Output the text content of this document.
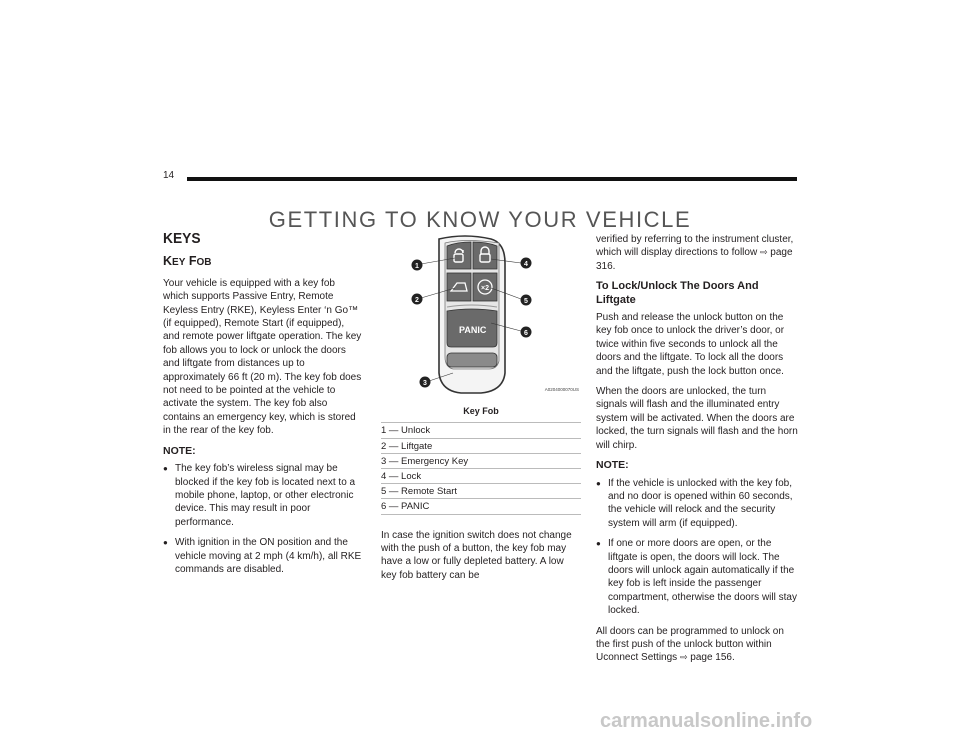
14
GETTING TO KNOW YOUR VEHICLE
KEYS
KEY FOB

Your vehicle is equipped with a key fob which supports Passive Entry, Remote Keyless Entry (RKE), Keyless Enter ‘n Go™ (if equipped), Remote Start (if equipped), and remote power liftgate operation. The key fob allows you to lock or unlock the doors and liftgate from distances up to approximately 66 ft (20 m). The key fob does not need to be pointed at the vehicle to activate the system. The key fob also contains an emergency key, which is stored in the rear of the key fob.

NOTE:
● The key fob’s wireless signal may be blocked if the key fob is located next to a mobile phone, laptop, or other electronic device. This may result in poor performance.
● With ignition in the ON position and the vehicle moving at 2 mph (4 km/h), all RKE commands are disabled.
×2
PANIC
1
2
3
4
5
6
A0204000070US
Key Fob
1 — Unlock
2 — Liftgate
3 — Emergency Key
4 — Lock
5 — Remote Start
6 — PANIC

In case the ignition switch does not change with the push of a button, the key fob may have a low or fully depleted battery. A low key fob battery can be

verified by referring to the instrument cluster, which will display directions to follow ⇨ page 316.

To Lock/Unlock The Doors And Liftgate

Push and release the unlock button on the key fob once to unlock the driver’s door, or twice within five seconds to unlock all the doors and the liftgate. To lock all the doors and the liftgate, push the lock button once.

When the doors are unlocked, the turn signals will flash and the illuminated entry system will be activated. When the doors are locked, the turn signals will flash and the horn will chirp.

NOTE:
● If the vehicle is unlocked with the key fob, and no door is opened within 60 seconds, the vehicle will relock and the security system will arm (if equipped).
● If one or more doors are open, or the liftgate is open, the doors will lock. The doors will unlock again automatically if the key fob is left inside the passenger compartment, otherwise the doors will stay locked.

All doors can be programmed to unlock on the first push of the unlock button within Uconnect Settings ⇨ page 156.

carmanualsonline.info
